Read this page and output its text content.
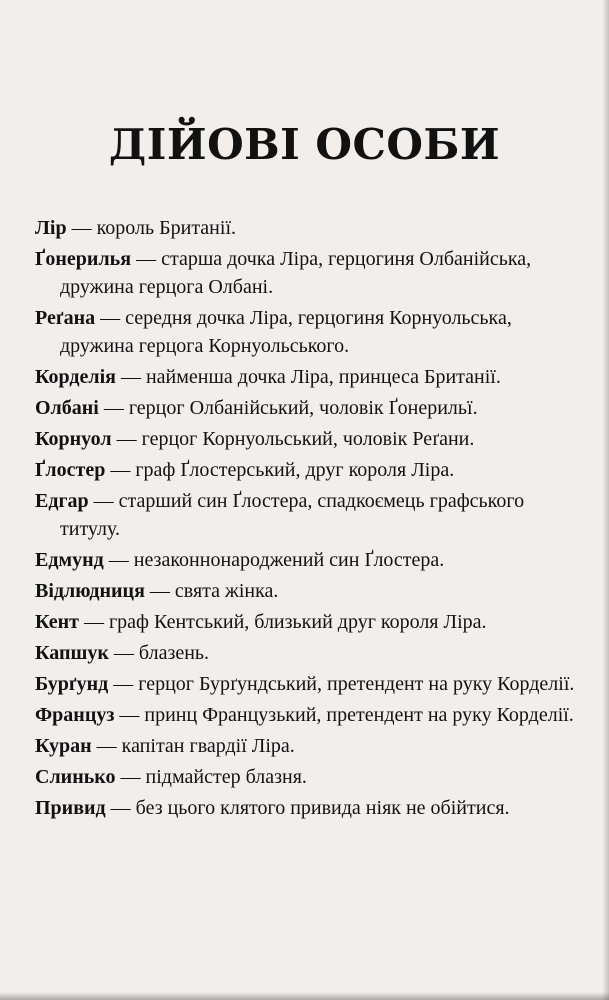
ДІЙОВІ ОСОБИ
Лір — король Британії.
Ґонерилья — старша дочка Ліра, герцогиня Олбанійська, дружина герцога Олбані.
Реґана — середня дочка Ліра, герцогиня Корнуольська, дружина герцога Корнуольського.
Корделія — найменша дочка Ліра, принцеса Британії.
Олбані — герцог Олбанійський, чоловік Ґонерильї.
Корнуол — герцог Корнуольський, чоловік Реґани.
Ґлостер — граф Ґлостерський, друг короля Ліра.
Едгар — старший син Ґлостера, спадкоємець графського титулу.
Едмунд — незаконнонароджений син Ґлостера.
Відлюдниця — свята жінка.
Кент — граф Кентський, близький друг короля Ліра.
Капшук — блазень.
Бурґунд — герцог Бурґундський, претендент на руку Корделії.
Француз — принц Французький, претендент на руку Корделії.
Куран — капітан гвардії Ліра.
Слинько — підмайстер блазня.
Привид — без цього клятого привида ніяк не обійтися.
